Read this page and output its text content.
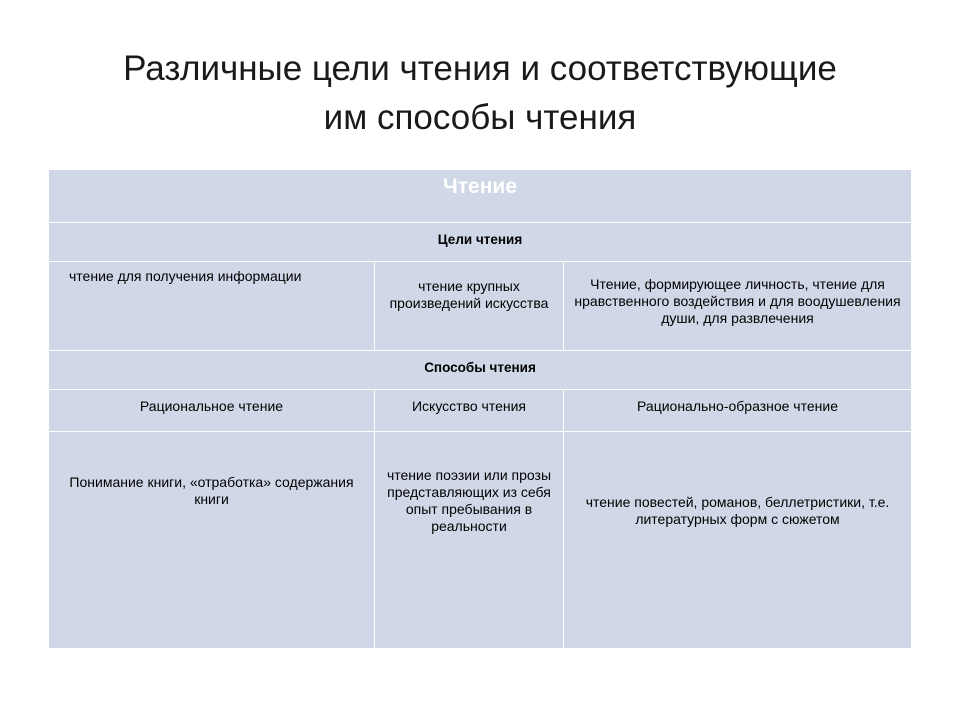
Различные цели чтения и соответствующие
им способы чтения
Чтение		
Цели чтения		
чтение для получения информации	чтение крупных произведений искусства	Чтение, формирующее личность, чтение для нравственного воздействия и для воодушевления души, для развлечения
Способы чтения		
Рациональное чтение	Искусство чтения	Рационально-образное чтение
Понимание книги, «отработка» содержания книги	чтение поэзии или прозы представляющих из себя опыт пребывания в реальности	чтение повестей, романов, беллетристики, т.е. литературных форм с сюжетом
